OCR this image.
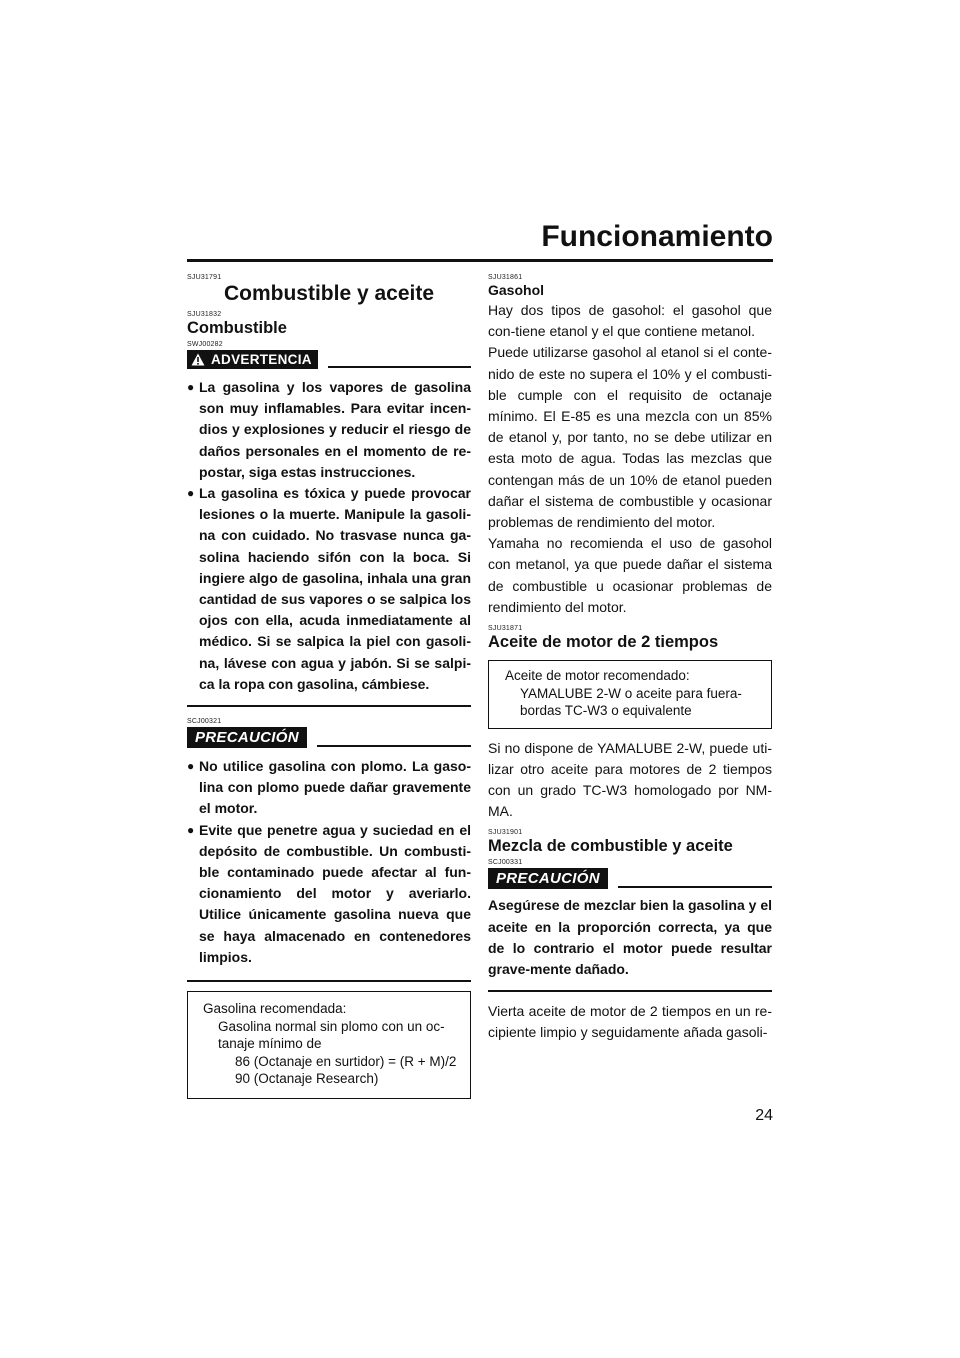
Funcionamiento
SJU31791
Combustible y aceite
SJU31832
Combustible
SWJ00282
ADVERTENCIA
● La gasolina y los vapores de gasolina son muy inflamables. Para evitar incen-dios y explosiones y reducir el riesgo de daños personales en el momento de re-postar, siga estas instrucciones.
● La gasolina es tóxica y puede provocar lesiones o la muerte. Manipule la gasoli-na con cuidado. No trasvase nunca ga-solina haciendo sifón con la boca. Si ingiere algo de gasolina, inhala una gran cantidad de sus vapores o se salpica los ojos con ella, acuda inmediatamente al médico. Si se salpica la piel con gasoli-na, lávese con agua y jabón. Si se salpi-ca la ropa con gasolina, cámbiese.
SCJ00321
PRECAUCIÓN
● No utilice gasolina con plomo. La gaso-lina con plomo puede dañar gravemente el motor.
● Evite que penetre agua y suciedad en el depósito de combustible. Un combusti-ble contaminado puede afectar al fun-cionamiento del motor y averiarlo. Utilice únicamente gasolina nueva que se haya almacenado en contenedores limpios.
Gasolina recomendada:
Gasolina normal sin plomo con un oc-tanaje mínimo de
86 (Octanaje en surtidor) = (R + M)/2
90 (Octanaje Research)
SJU31861
Gasohol

Hay dos tipos de gasohol: el gasohol que con-tiene etanol y el que contiene metanol.

Puede utilizarse gasohol al etanol si el conte-nido de este no supera el 10% y el combusti-ble cumple con el requisito de octanaje mínimo. El E-85 es una mezcla con un 85% de etanol y, por tanto, no se debe utilizar en esta moto de agua. Todas las mezclas que contengan más de un 10% de etanol pueden dañar el sistema de combustible y ocasionar problemas de rendimiento del motor.

Yamaha no recomienda el uso de gasohol con metanol, ya que puede dañar el sistema de combustible u ocasionar problemas de rendimiento del motor.

SJU31871
Aceite de motor de 2 tiempos
Aceite de motor recomendado:
YAMALUBE 2-W o aceite para fuera-bordas TC-W3 o equivalente

Si no dispone de YAMALUBE 2-W, puede uti-lizar otro aceite para motores de 2 tiempos con un grado TC-W3 homologado por NM-MA.

SJU31901
Mezcla de combustible y aceite
SCJ00331
PRECAUCIÓN

Asegúrese de mezclar bien la gasolina y el aceite en la proporción correcta, ya que de lo contrario el motor puede resultar grave-mente dañado.

Vierta aceite de motor de 2 tiempos en un re-cipiente limpio y seguidamente añada gasoli-

24
